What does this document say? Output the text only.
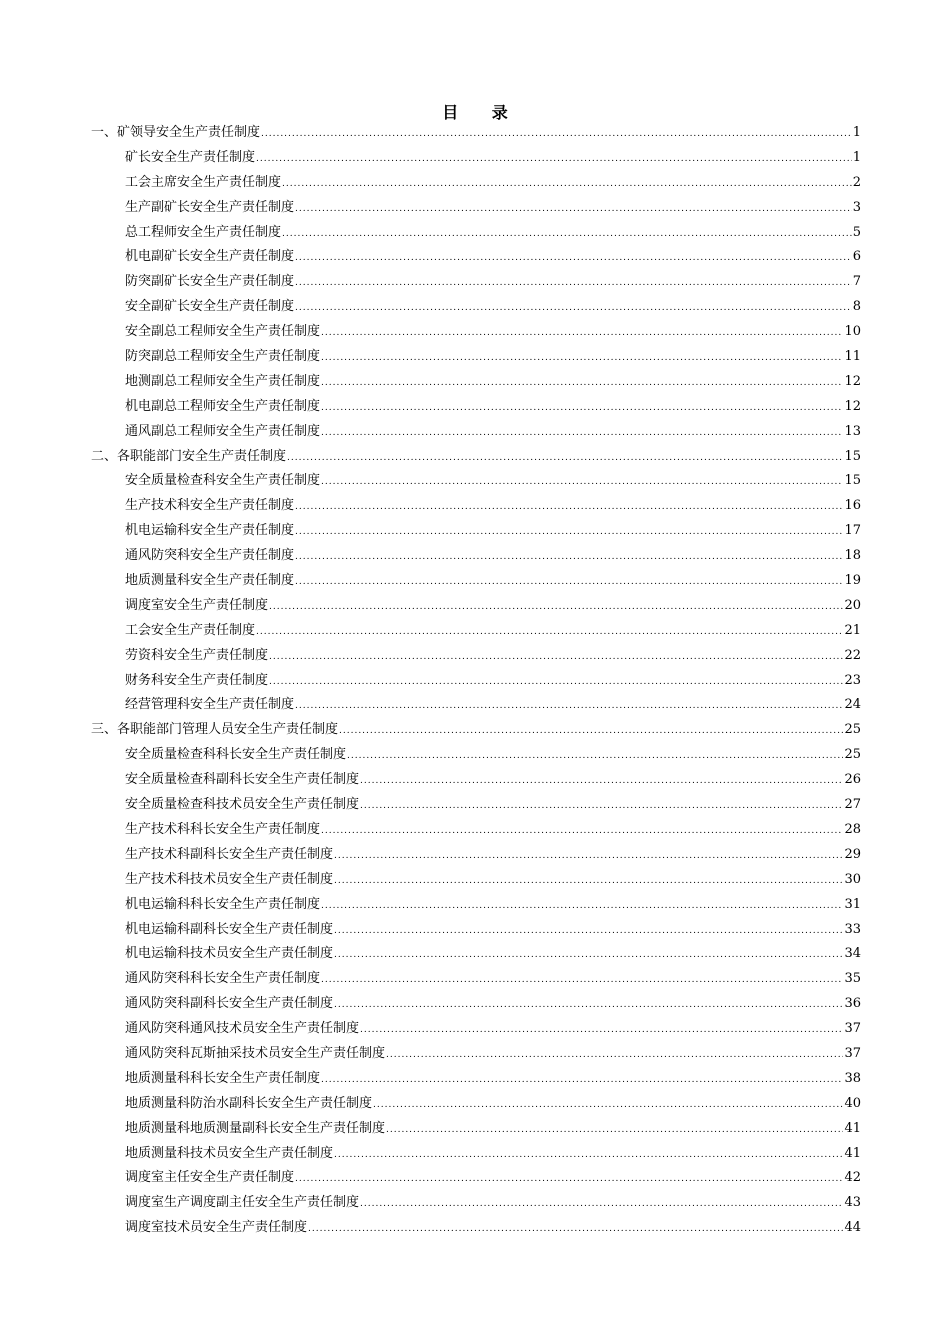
目 录
一、矿领导安全生产责任制度 .....	1
矿长安全生产责任制度 .....	1
工会主席安全生产责任制度 .....	2
生产副矿长安全生产责任制度 .....	3
总工程师安全生产责任制度 .....	5
机电副矿长安全生产责任制度 .....	6
防突副矿长安全生产责任制度 .....	7
安全副矿长安全生产责任制度 .....	8
安全副总工程师安全生产责任制度 .....	10
防突副总工程师安全生产责任制度 .....	11
地测副总工程师安全生产责任制度 .....	12
机电副总工程师安全生产责任制度 .....	12
通风副总工程师安全生产责任制度 .....	13
二、各职能部门安全生产责任制度 .....	15
安全质量检查科安全生产责任制度 .....	15
生产技术科安全生产责任制度 .....	16
机电运输科安全生产责任制度 .....	17
通风防突科安全生产责任制度 .....	18
地质测量科安全生产责任制度 .....	19
调度室安全生产责任制度 .....	20
工会安全生产责任制度 .....	21
劳资科安全生产责任制度 .....	22
财务科安全生产责任制度 .....	23
经营管理科安全生产责任制度 .....	24
三、各职能部门管理人员安全生产责任制度 .....	25
安全质量检查科科长安全生产责任制度 .....	25
安全质量检查科副科长安全生产责任制度 .....	26
安全质量检查科技术员安全生产责任制度 .....	27
生产技术科科长安全生产责任制度 .....	28
生产技术科副科长安全生产责任制度 .....	29
生产技术科技术员安全生产责任制度 .....	30
机电运输科科长安全生产责任制度 .....	31
机电运输科副科长安全生产责任制度 .....	33
机电运输科技术员安全生产责任制度 .....	34
通风防突科科长安全生产责任制度 .....	35
通风防突科副科长安全生产责任制度 .....	36
通风防突科通风技术员安全生产责任制度 .....	37
通风防突科瓦斯抽采技术员安全生产责任制度 .....	37
地质测量科科长安全生产责任制度 .....	38
地质测量科防治水副科长安全生产责任制度 .....	40
地质测量科地质测量副科长安全生产责任制度 .....	41
地质测量科技术员安全生产责任制度 .....	41
调度室主任安全生产责任制度 .....	42
调度室生产调度副主任安全生产责任制度 .....	43
调度室技术员安全生产责任制度 .....	44
